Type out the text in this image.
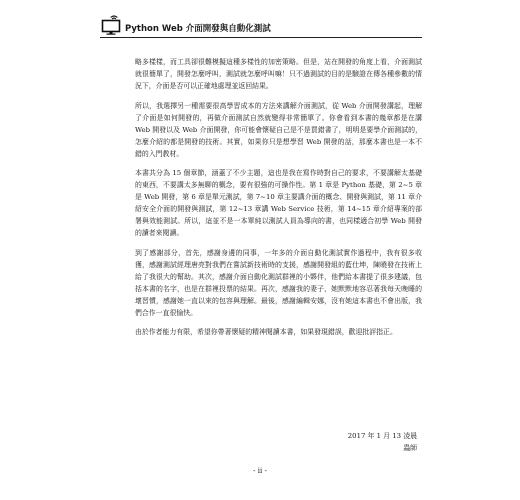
Python Web 介面開發與自動化測試

略多樣樣，而工具卻很難模擬這種多樣性的加密策略。但是，站在開發的角度上看，介面測試就很簡單了，開發怎麼呼叫，測試就怎麼呼叫嘛！只不過測試的目的是驗證在傳各種參數的情況下，介面是否可以正確地處理並返回結果。

所以，我選擇另一種需要很高學習成本的方法來講解介面測試，從 Web 介面開發講起，理解了介面是如何開發的，再做介面測試自然就變得非常簡單了。你會看到本書的幾章都是在講 Web 開發以及 Web 介面開發，你可能會懷疑自己是不是買錯書了，明明是要學介面測試的，怎麼介紹的都是開發的技術。其實，如果你只是想學習 Web 開發的話，那麼本書也是一本不錯的入門教材。

本書共分為 15 個章節，涵蓋了不少主題，這也是我在寫作時對自己的要求，不要講解太基礎的東西，不要講太多無聊的概念，要有很強的可操作性。第 1 章是 Python 基礎，第 2~5 章是 Web 開發，第 6 章是單元測試，第 7~10 章主要講介面的概念、開發與測試，第 11 章介紹安全介面的開發與測試，第 12~13 章講 Web Service 技術，第 14~15 章介紹專案的部署與效能測試。所以，這並不是一本單純以測試人員為導向的書，也同樣適合初學 Web 開發的讀者來閱讀。

到了感謝部分，首先，感謝身邊的同事，一年多的介面自動化測試實作過程中，我有很多收獲，感謝測試經理唐亮對我們在嘗試新技術時的支援，感謝開發組的藍仕坤，陳曉發在技術上給了我很大的幫助。其次，感謝介面自動化測試群裡的小夥伴，他們給本書提了很多建議，包括本書的名字，也是在群裡投票的結果。再次，感謝我的妻子，她默默地容忍著我每天晚睡的壞習慣，感謝她一直以來的包容與理解。最後，感謝編輯安娜，沒有她這本書也不會出版，我們合作一直很愉快。

由於作者能力有限，希望你帶著懷疑的精神閱讀本書，如果發現錯誤，歡迎批評指正。

2017 年 1 月 13 凌晨
蟲師
- ii -
